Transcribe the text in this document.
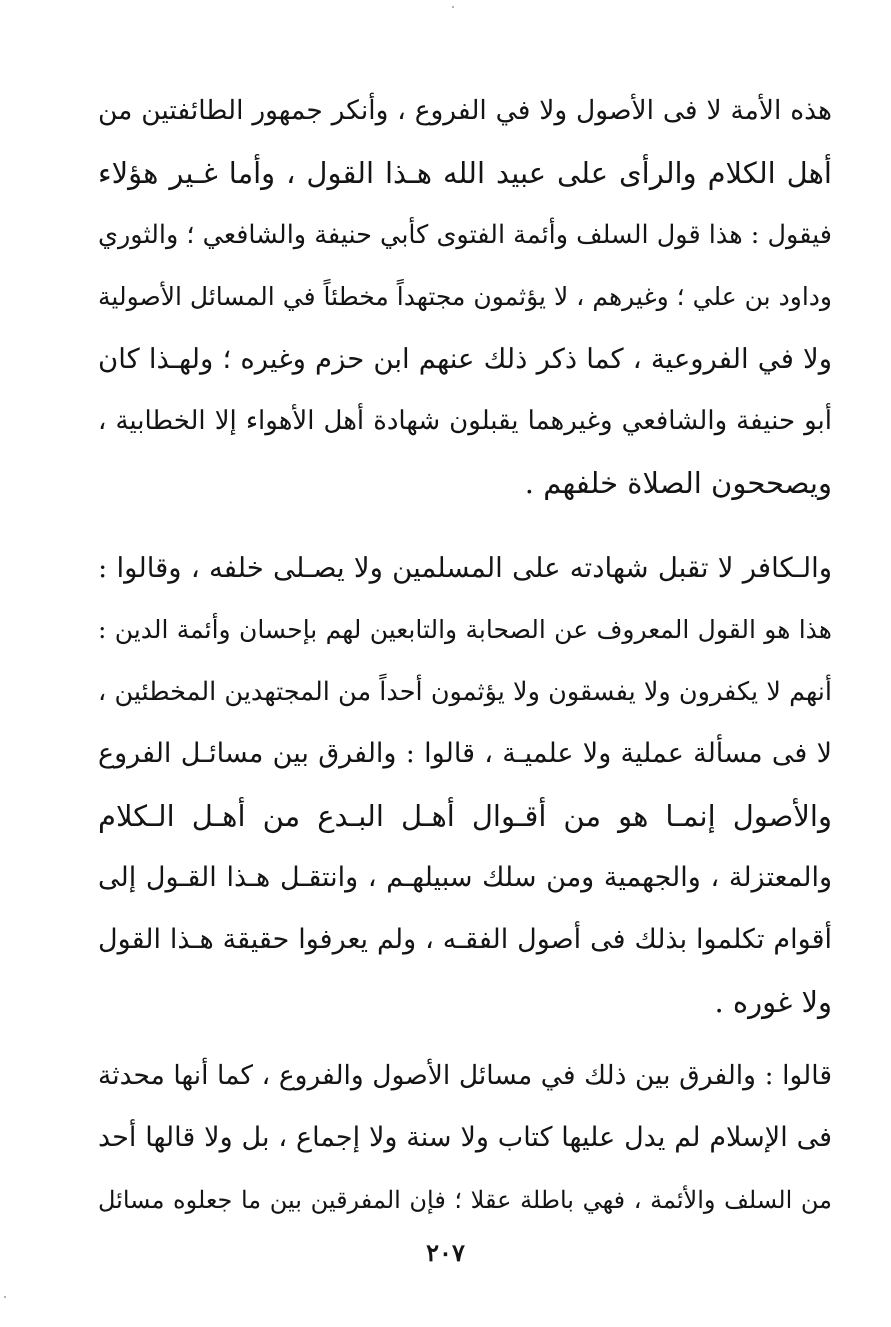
هذه الأمة لا فى الأصول ولا في الفروع ، وأنكر جمهور الطائفتين من
أهل الكلام والرأى على عبيد الله هـذا القول ، وأما غـير هؤلاء
فيقول : هذا قول السلف وأئمة الفتوى كأبي حنيفة والشافعي ؛ والثوري
وداود بن علي ؛ وغيرهم ، لا يؤثمون مجتهداً مخطئاً في المسائل الأصولية
ولا في الفروعية ، كما ذكر ذلك عنهم ابن حزم وغيره ؛ ولهـذا كان
أبو حنيفة والشافعي وغيرهما يقبلون شهادة أهل الأهواء إلا الخطابية ،
ويصححون الصلاة خلفهم .
والـكافر لا تقبل شهادته على المسلمين ولا يصـلى خلفه ، وقالوا :
هذا هو القول المعروف عن الصحابة والتابعين لهم بإحسان وأئمة الدين :
أنهم لا يكفرون ولا يفسقون ولا يؤثمون أحداً من المجتهدين المخطئين ،
لا فى مسألة عملية ولا علميـة ، قالوا : والفرق بين مسائـل الفروع
والأصول إنمـا هو من أقـوال أهـل البـدع من أهـل الـكلام
والمعتزلة ، والجهمية ومن سلك سبيلهـم ، وانتقـل هـذا القـول إلى
أقوام تكلموا بذلك فى أصول الفقـه ، ولم يعرفوا حقيقة هـذا القول
ولا غوره .
قالوا : والفرق بين ذلك في مسائل الأصول والفروع ، كما أنها محدثة
فى الإسلام لم يدل عليها كتاب ولا سنة ولا إجماع ، بل ولا قالها أحد
من السلف والأئمة ، فهي باطلة عقلا ؛ فإن المفرقين بين ما جعلوه مسائل
٢٠٧
